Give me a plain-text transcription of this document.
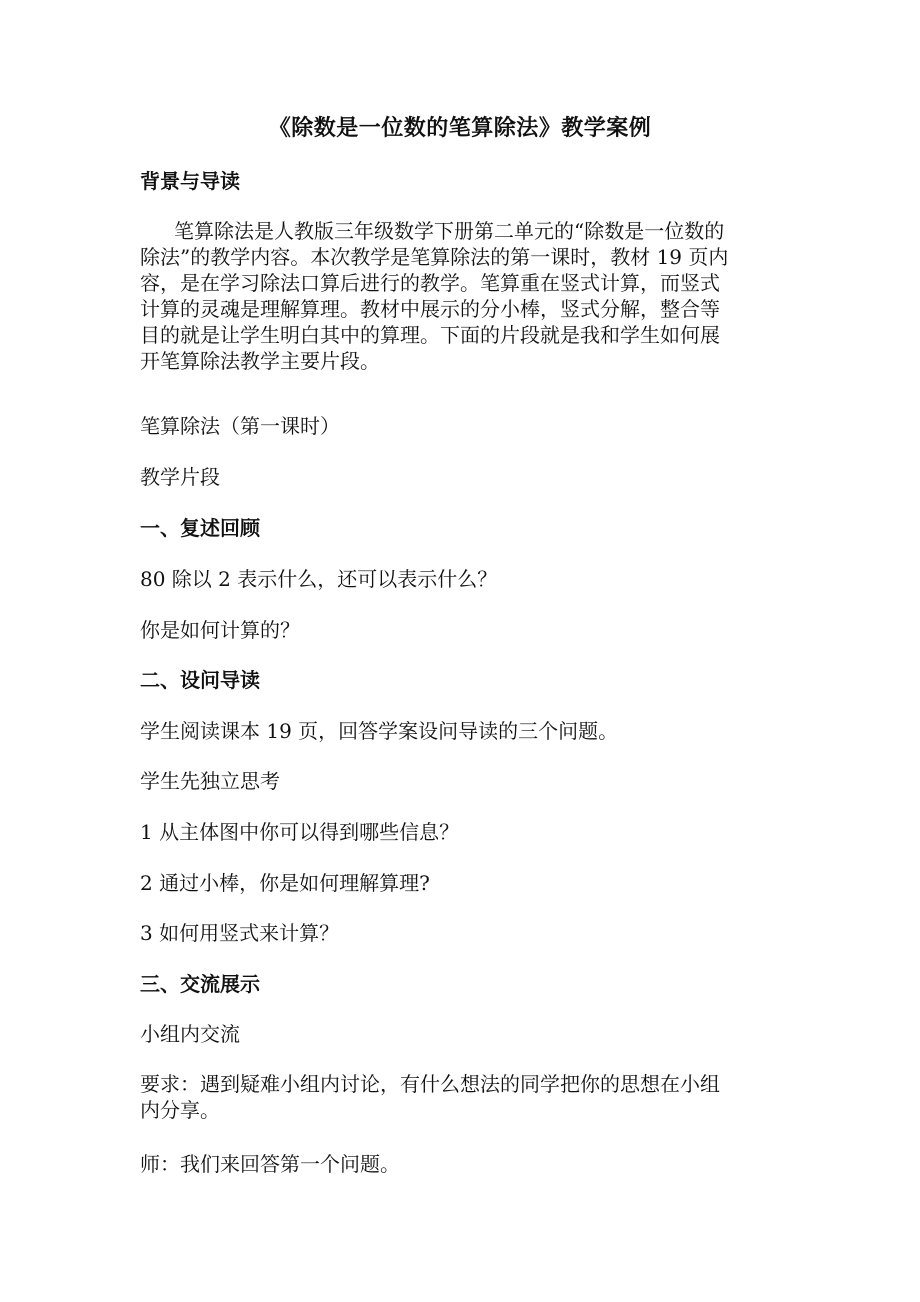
《除数是一位数的笔算除法》教学案例
背景与导读
笔算除法是人教版三年级数学下册第二单元的“除数是一位数的
除法”的教学内容。本次教学是笔算除法的第一课时，教材 19 页内
容，是在学习除法口算后进行的教学。笔算重在竖式计算，而竖式
计算的灵魂是理解算理。教材中展示的分小棒，竖式分解，整合等
目的就是让学生明白其中的算理。下面的片段就是我和学生如何展
开笔算除法教学主要片段。
笔算除法（第一课时）
教学片段
一、复述回顾
80 除以 2 表示什么，还可以表示什么？
你是如何计算的？
二、设问导读
学生阅读课本 19 页，回答学案设问导读的三个问题。
学生先独立思考
1 从主体图中你可以得到哪些信息？
2 通过小棒，你是如何理解算理?
3 如何用竖式来计算？
三、交流展示
小组内交流
要求：遇到疑难小组内讨论，有什么想法的同学把你的思想在小组
内分享。
师：我们来回答第一个问题。
